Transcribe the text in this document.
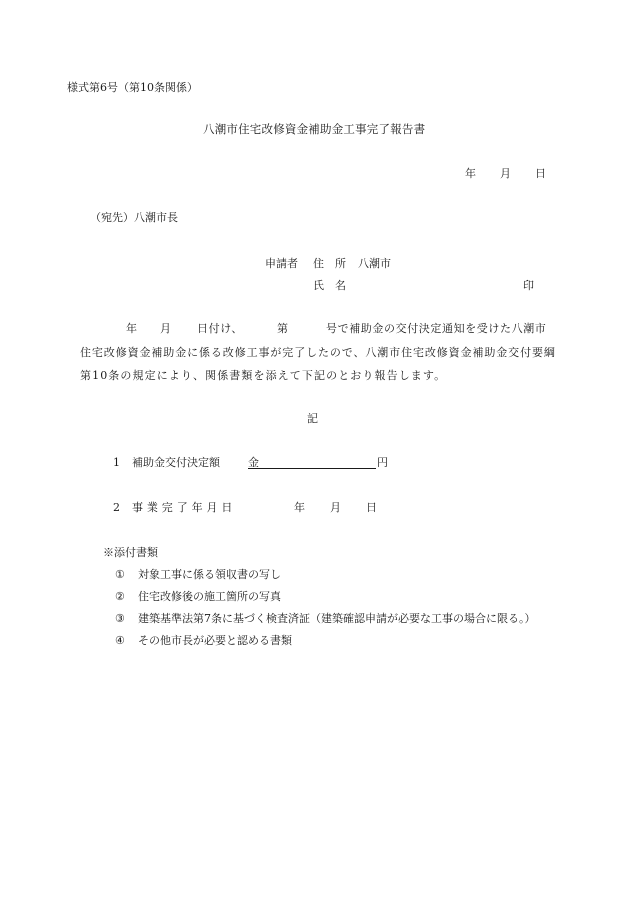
様式第6号（第10条関係）
八潮市住宅改修資金補助金工事完了報告書
年 月 日
（宛先）八潮市長
申請者 住　所 八潮市
氏　名	印
年 月 日付け、	第	号で補助金の交付決定通知を受けた八潮市
住宅改修資金補助金に係る改修工事が完了したので、八潮市住宅改修資金補助金交付要綱
第10条の規定により、関係書類を添えて下記のとおり報告します。
記
1 補助金交付決定額	金	円
2 事 業 完 了 年 月 日	年 月 日
※添付書類
① 対象工事に係る領収書の写し
② 住宅改修後の施工箇所の写真
③ 建築基準法第7条に基づく検査済証（建築確認申請が必要な工事の場合に限る。）
④ その他市長が必要と認める書類
